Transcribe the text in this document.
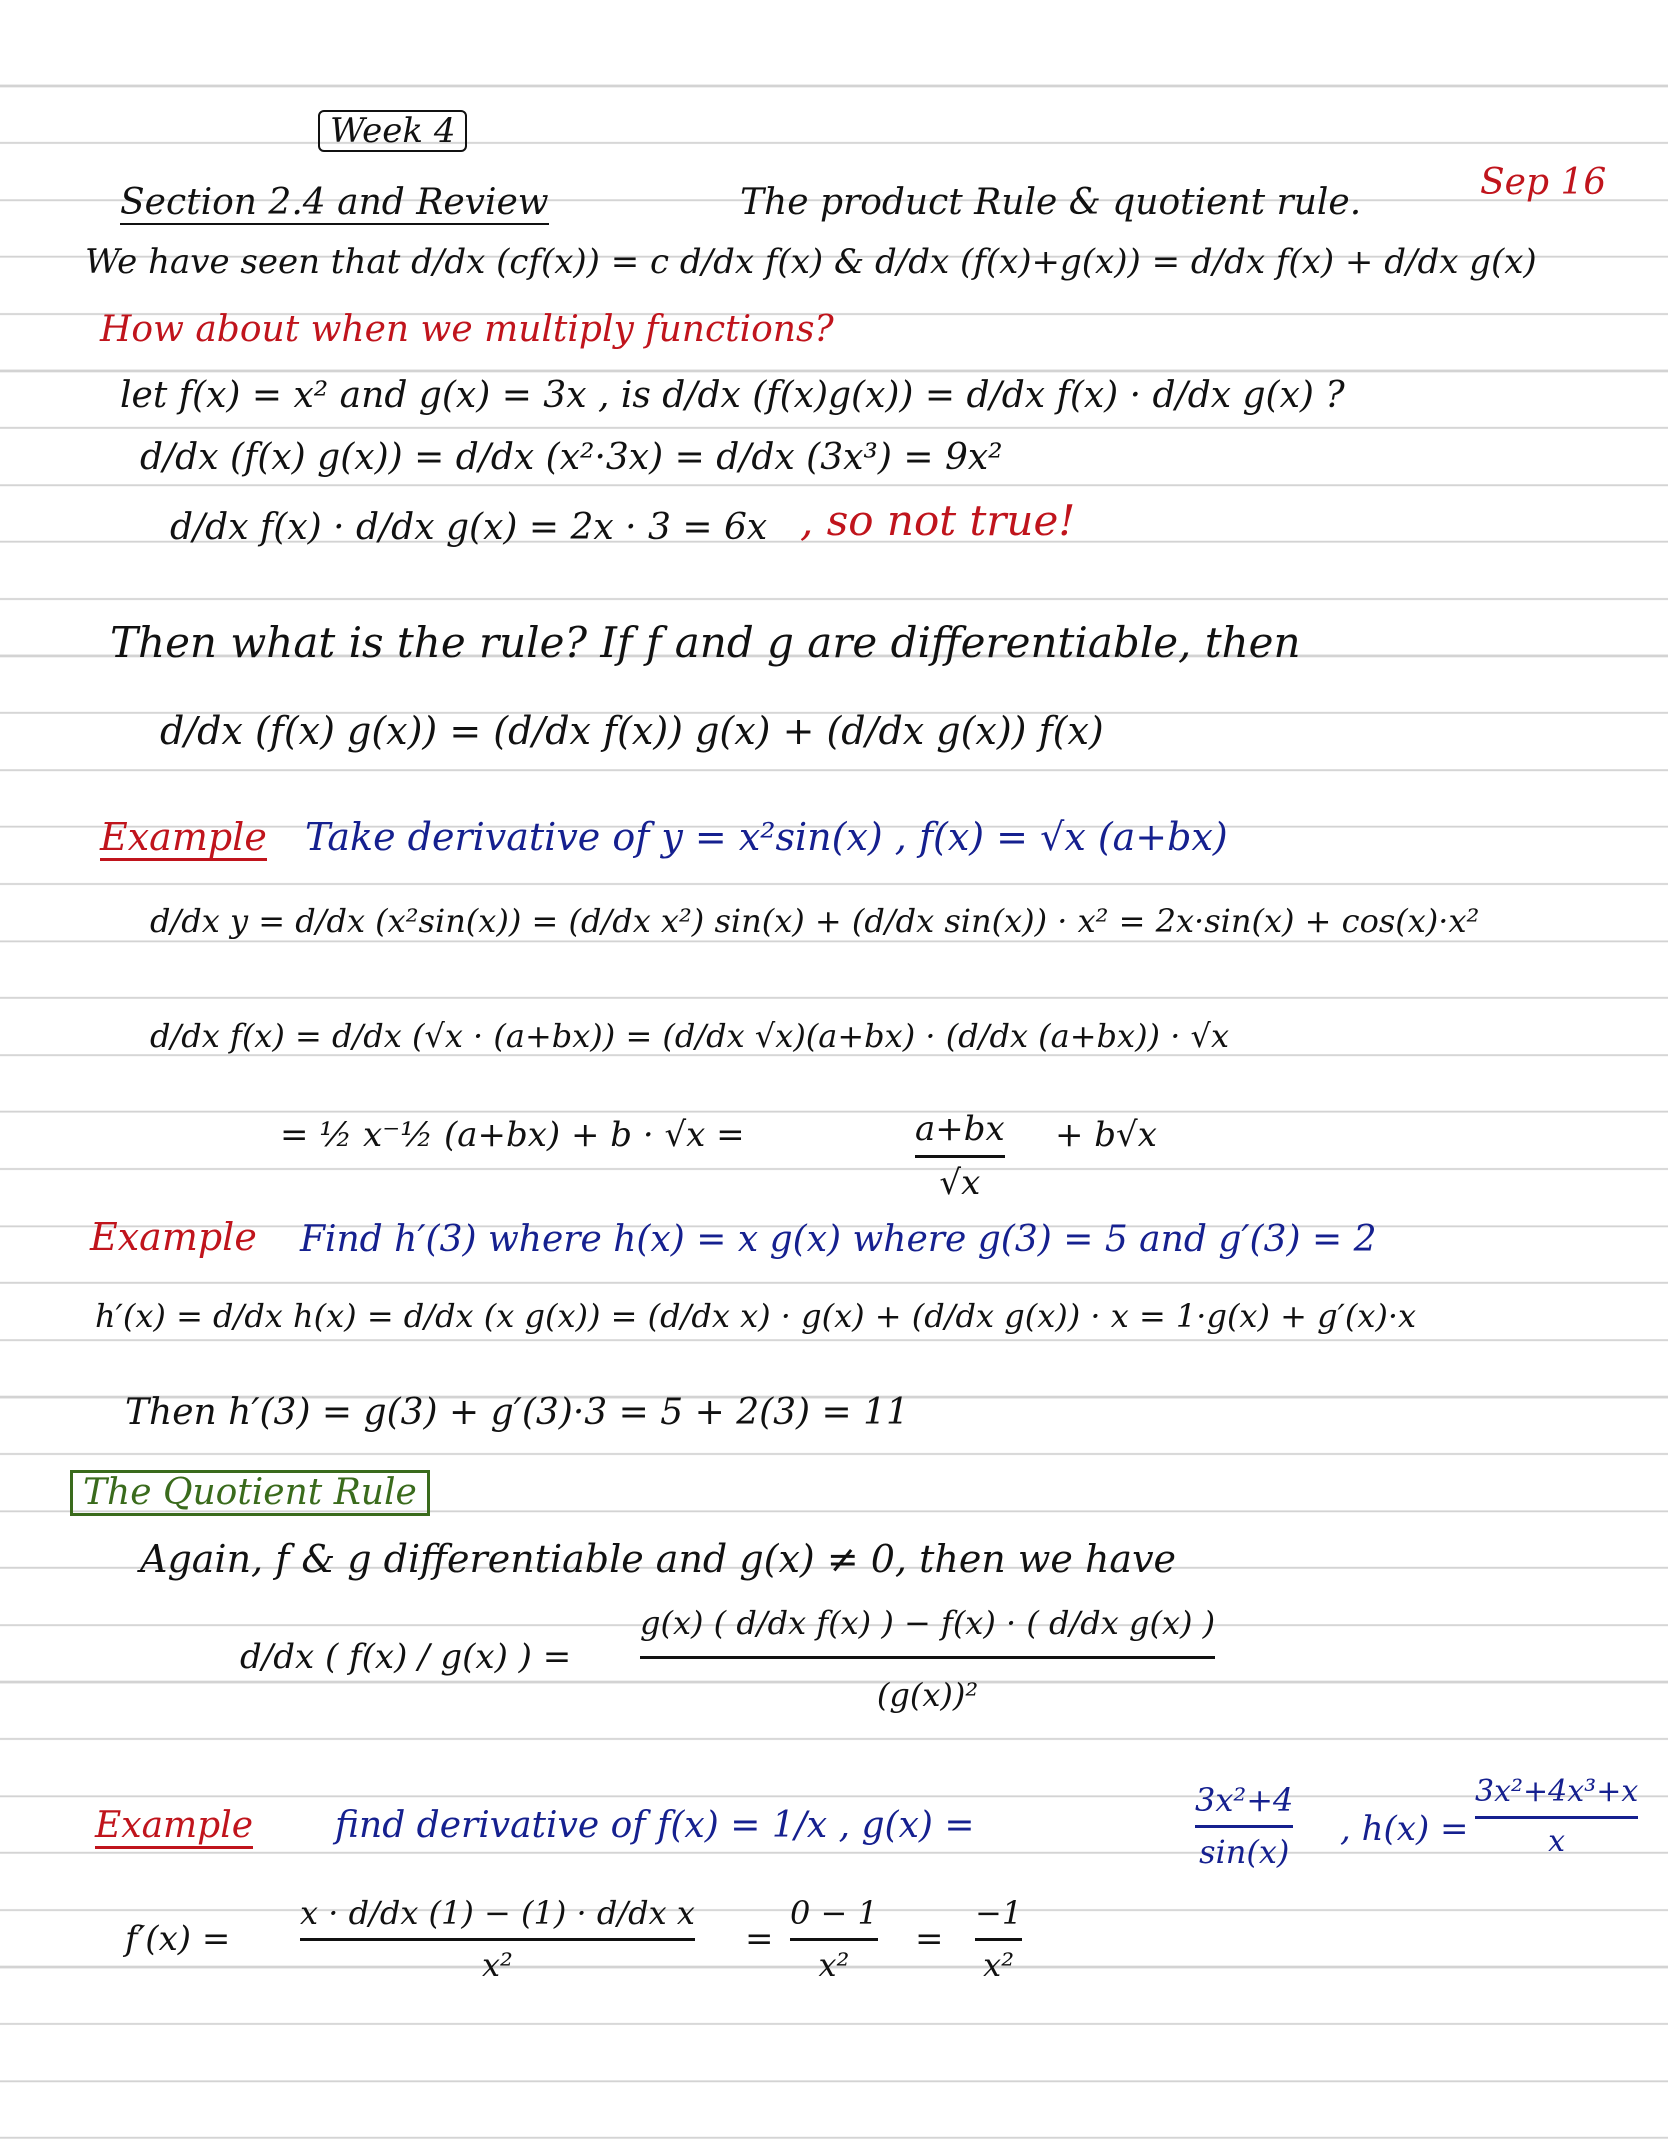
Week 4
Section 2.4 and Review	The product Rule & quotient rule.	Sep 16
We have seen that d/dx (cf(x)) = c d/dx f(x) & d/dx (f(x)+g(x)) = d/dx f(x) + d/dx g(x)
How about when we multiply functions?
let f(x) = x² and g(x) = 3x , is d/dx (f(x)g(x)) = d/dx f(x) · d/dx g(x) ?
d/dx (f(x) g(x)) = d/dx (x²·3x) = d/dx (3x³) = 9x²
d/dx f(x) · d/dx g(x) = 2x · 3 = 6x , so not true!
Then what is the rule? If f and g are differentiable, then
d/dx (f(x) g(x)) = (d/dx f(x)) g(x) + (d/dx g(x)) f(x)
Example Take derivative of y = x²sin(x) , f(x) = √x (a+bx)
d/dx y = d/dx (x²sin(x)) = (d/dx x²) sin(x) + (d/dx sin(x)) · x² = 2x·sin(x) + cos(x)·x²
d/dx f(x) = d/dx (√x · (a+bx)) = (d/dx √x)(a+bx) · (d/dx (a+bx)) · √x
= ½ x⁻½ (a+bx) + b · √x =	a+bx
√x
+ b√x
Example Find h′(3) where h(x) = x g(x) where g(3) = 5 and g′(3) = 2
h′(x) = d/dx h(x) = d/dx (x g(x)) = (d/dx x) · g(x) + (d/dx g(x)) · x = 1·g(x) + g′(x)·x
Then h′(3) = g(3) + g′(3)·3 = 5 + 2(3) = 11
The Quotient Rule
Again, f & g differentiable and g(x) ≠ 0, then we have
d/dx ( f(x) / g(x) ) =
g(x) ( d/dx f(x) ) − f(x) · ( d/dx g(x) )
(g(x))²
Example find derivative of f(x) = 1/x , g(x) =
3x²+4
sin(x)
, h(x) =
3x²+4x³+x
x
f′(x) =
x · d/dx (1) − (1) · d/dx x
x²
=
0 − 1
x²
=
−1
x²
